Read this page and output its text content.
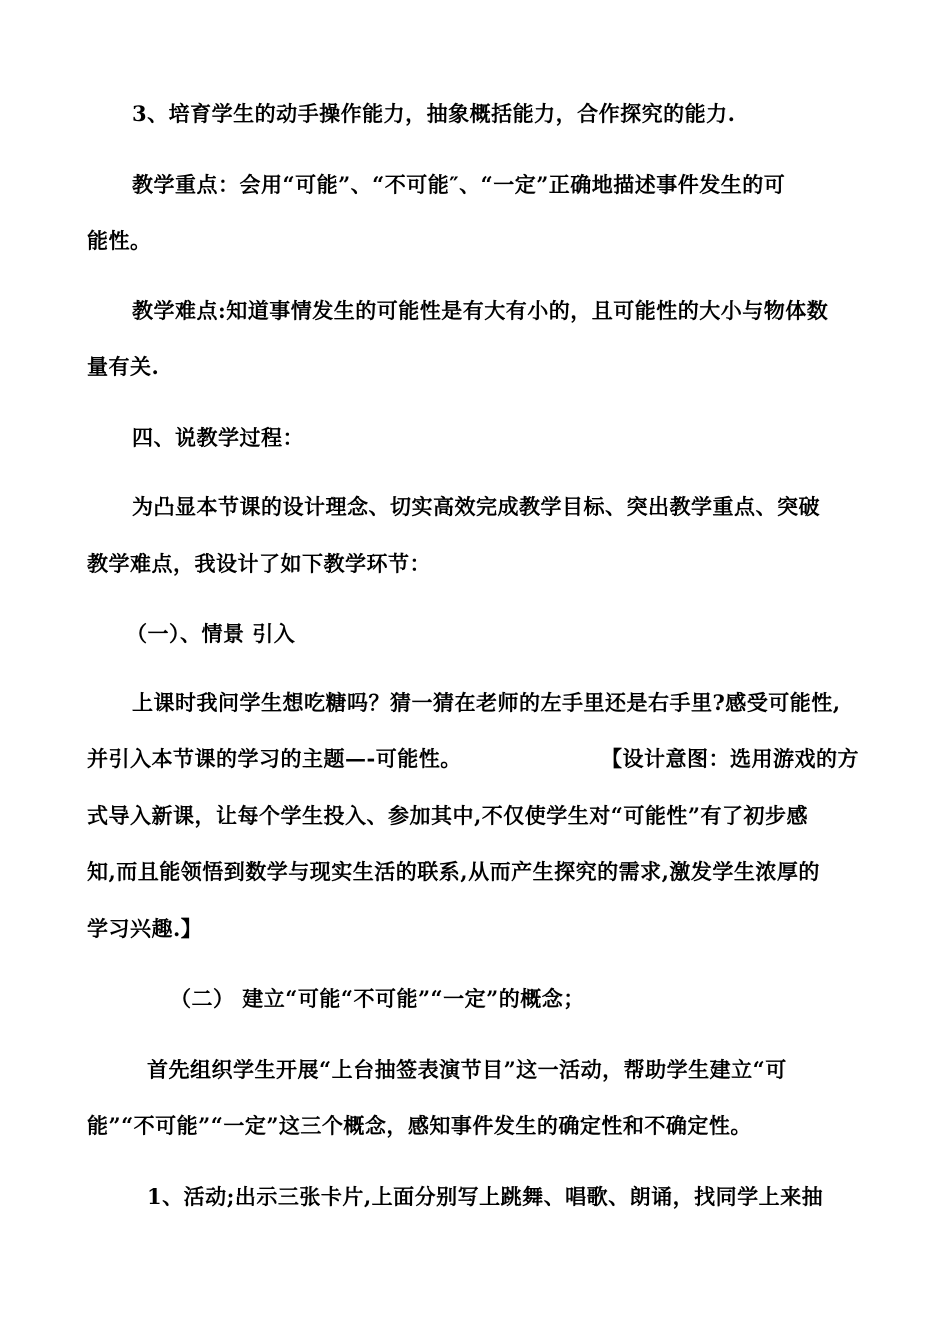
3、培育学生的动手操作能力，抽象概括能力，合作探究的能力.
教学重点：会用“可能”、“不可能″、“一定”正确地描述事件发生的可
能性。
教学难点:知道事情发生的可能性是有大有小的，且可能性的大小与物体数
量有关.
四、说教学过程：
为凸显本节课的设计理念、切实高效完成教学目标、突出教学重点、突破
教学难点，我设计了如下教学环节：
（一）、情景 引入
上课时我问学生想吃糖吗？猜一猜在老师的左手里还是右手里?感受可能性,
并引入本节课的学习的主题—-可能性。	【设计意图：选用游戏的方
式导入新课，让每个学生投入、参加其中,不仅使学生对“可能性”有了初步感
知,而且能领悟到数学与现实生活的联系,从而产生探究的需求,激发学生浓厚的
学习兴趣.】
（二） 建立“可能“不可能”“一定”的概念；
首先组织学生开展“上台抽签表演节目”这一活动，帮助学生建立“可
能”“不可能”“一定”这三个概念，感知事件发生的确定性和不确定性。
1、活动;出示三张卡片,上面分别写上跳舞、唱歌、朗诵，找同学上来抽
